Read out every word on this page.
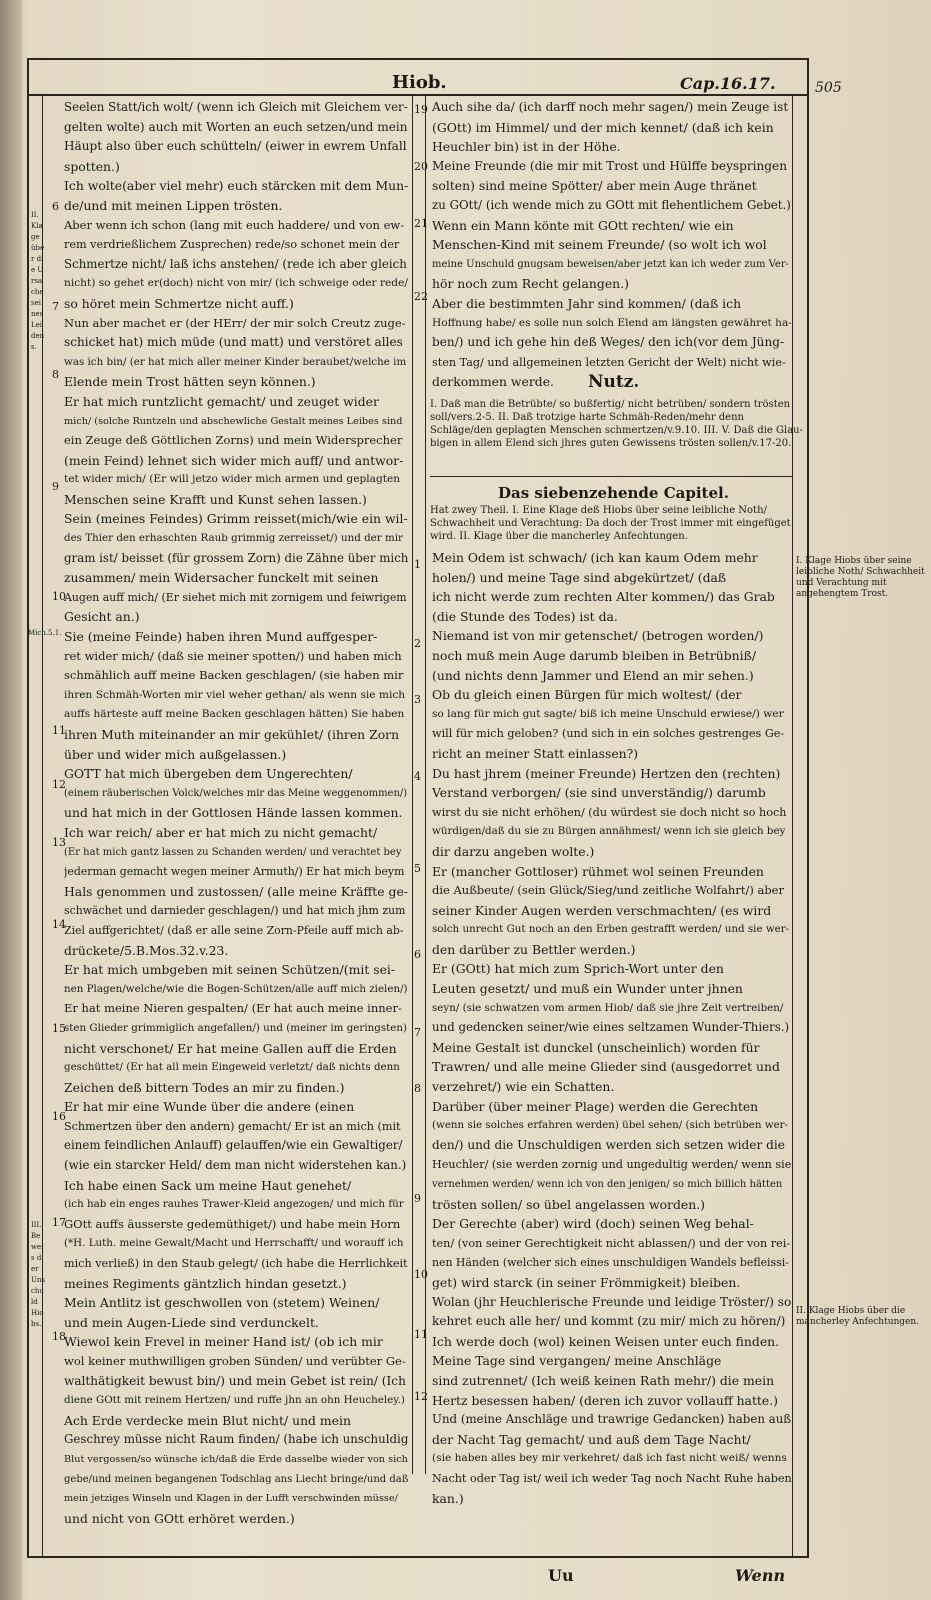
Hiob.	Cap.16.17.	505
Seelen Statt/ich wolt/ (wenn ich Gleich mit Gleichem ver-
gelten wolte) auch mit Worten an euch setzen/und mein
Häupt also über euch schütteln/ (eiwer in ewrem Unfall
spotten.)
Ich wolte(aber viel mehr) euch stärcken mit dem Mun-
de/und mit meinen Lippen trösten.
Aber wenn ich schon (lang mit euch haddere/ und von ew-
rem verdrießlichem Zusprechen) rede/so schonet mein der
Schmertze nicht/ laß ichs anstehen/ (rede ich aber gleich
nicht) so gehet er(doch) nicht von mir/ (ich schweige oder rede/
so höret mein Schmertze nicht auff.)
Nun aber machet er (der HErr/ der mir solch Creutz zuge-
schicket hat) mich müde (und matt) und verstöret alles
was ich bin/ (er hat mich aller meiner Kinder beraubet/welche im
Elende mein Trost hätten seyn können.)
Er hat mich runtzlicht gemacht/ und zeuget wider
mich/ (solche Runtzeln und abschewliche Gestalt meines Leibes sind
ein Zeuge deß Göttlichen Zorns) und mein Widersprecher
(mein Feind) lehnet sich wider mich auff/ und antwor-
tet wider mich/ (Er will jetzo wider mich armen und geplagten
Menschen seine Krafft und Kunst sehen lassen.)
Sein (meines Feindes) Grimm reisset(mich/wie ein wil-
des Thier den erhaschten Raub grimmig zerreisset/) und der mir
gram ist/ beisset (für grossem Zorn) die Zähne über mich
zusammen/ mein Widersacher funckelt mit seinen
Augen auff mich/ (Er siehet mich mit zornigem und feiwrigem
Gesicht an.)
Sie (meine Feinde) haben ihren Mund auffgesper-
ret wider mich/ (daß sie meiner spotten/) und haben mich
schmählich auff meine Backen geschlagen/ (sie haben mir
ihren Schmäh-Worten mir viel weher gethan/ als wenn sie mich
auffs härteste auff meine Backen geschlagen hätten) Sie haben
ihren Muth miteinander an mir gekühlet/ (ihren Zorn
über und wider mich außgelassen.)
GOTT hat mich übergeben dem Ungerechten/
(einem räuberischen Volck/welches mir das Meine weggenommen/)
und hat mich in der Gottlosen Hände lassen kommen.
Ich war reich/ aber er hat mich zu nicht gemacht/
(Er hat mich gantz lassen zu Schanden werden/ und verachtet bey
jederman gemacht wegen meiner Armuth/) Er hat mich beym
Hals genommen und zustossen/ (alle meine Kräffte ge-
schwächet und darnieder geschlagen/) und hat mich jhm zum
Ziel auffgerichtet/ (daß er alle seine Zorn-Pfeile auff mich ab-
drückete/5.B.Mos.32.v.23.
Er hat mich umbgeben mit seinen Schützen/(mit sei-
nen Plagen/welche/wie die Bogen-Schützen/alle auff mich zielen/)
Er hat meine Nieren gespalten/ (Er hat auch meine inner-
sten Glieder grimmiglich angefallen/) und (meiner im geringsten)
nicht verschonet/ Er hat meine Gallen auff die Erden
geschüttet/ (Er hat all mein Eingeweid verletzt/ daß nichts denn
Zeichen deß bittern Todes an mir zu finden.)
Er hat mir eine Wunde über die andere (einen
Schmertzen über den andern) gemacht/ Er ist an mich (mit
einem feindlichen Anlauff) gelauffen/wie ein Gewaltiger/
(wie ein starcker Held/ dem man nicht widerstehen kan.)
Ich habe einen Sack um meine Haut genehet/
(ich hab ein enges rauhes Trawer-Kleid angezogen/ und mich für
GOtt auffs äusserste gedemüthiget/) und habe mein Horn
(*H. Luth. meine Gewalt/Macht und Herrschafft/ und worauff ich
mich verließ) in den Staub gelegt/ (ich habe die Herrlichkeit
meines Regiments gäntzlich hindan gesetzt.)
Mein Antlitz ist geschwollen von (stetem) Weinen/
und mein Augen-Liede sind verdunckelt.
Wiewol kein Frevel in meiner Hand ist/ (ob ich mir
wol keiner muthwilligen groben Sünden/ und verübter Ge-
walthätigkeit bewust bin/) und mein Gebet ist rein/ (Ich
diene GOtt mit reinem Hertzen/ und ruffe jhn an ohn Heucheley.)
Ach Erde verdecke mein Blut nicht/ und mein
Geschrey müsse nicht Raum finden/ (habe ich unschuldig
Blut vergossen/so wünsche ich/daß die Erde dasselbe wieder von sich
gebe/und meinen begangenen Todschlag ans Liecht bringe/und daß
mein jetziges Winseln und Klagen in der Lufft verschwinden müsse/
und nicht von GOtt erhöret werden.)
6
7
8
9
10
11
12
13
14
15
16
17
18
II. Klage über die Ursache seines Leidens.
Mich.5.1.
III. Beweis der Unschuld Hiobs.
Auch sihe da/ (ich darff noch mehr sagen/) mein Zeuge ist
(GOtt) im Himmel/ und der mich kennet/ (daß ich kein
Heuchler bin) ist in der Höhe.
Meine Freunde (die mir mit Trost und Hülffe beyspringen
solten) sind meine Spötter/ aber mein Auge thränet
zu GOtt/ (ich wende mich zu GOtt mit flehentlichem Gebet.)
Wenn ein Mann könte mit GOtt rechten/ wie ein
Menschen-Kind mit seinem Freunde/ (so wolt ich wol
meine Unschuld gnugsam beweisen/aber jetzt kan ich weder zum Ver-
hör noch zum Recht gelangen.)
Aber die bestimmten Jahr sind kommen/ (daß ich
Hoffnung habe/ es solle nun solch Elend am längsten gewähret ha-
ben/) und ich gehe hin deß Weges/ den ich(vor dem Jüng-
sten Tag/ und allgemeinen letzten Gericht der Welt) nicht wie-
derkommen werde.
19
20
21
22
Nutz.
I. Daß man die Betrübte/ so bußfertig/ nicht betrüben/ sondern trösten
soll/vers.2-5. II. Daß trotzige harte Schmäh-Reden/mehr denn
Schläge/den geplagten Menschen schmertzen/v.9.10. III. V. Daß die Glau-
bigen in allem Elend sich jhres guten Gewissens trösten sollen/v.17-20.
Das siebenzehende Capitel.
Hat zwey Theil. I. Eine Klage deß Hiobs über seine leibliche Noth/
Schwachheit und Verachtung: Da doch der Trost immer mit eingefüget
wird. II. Klage über die mancherley Anfechtungen.
Mein Odem ist schwach/ (ich kan kaum Odem mehr
holen/) und meine Tage sind abgekürtzet/ (daß
ich nicht werde zum rechten Alter kommen/) das Grab
(die Stunde des Todes) ist da.
Niemand ist von mir getenschet/ (betrogen worden/)
noch muß mein Auge darumb bleiben in Betrübniß/
(und nichts denn Jammer und Elend an mir sehen.)
Ob du gleich einen Bürgen für mich woltest/ (der
so lang für mich gut sagte/ biß ich meine Unschuld erwiese/) wer
will für mich geloben? (und sich in ein solches gestrenges Ge-
richt an meiner Statt einlassen?)
Du hast jhrem (meiner Freunde) Hertzen den (rechten)
Verstand verborgen/ (sie sind unverständig/) darumb
wirst du sie nicht erhöhen/ (du würdest sie doch nicht so hoch
würdigen/daß du sie zu Bürgen annähmest/ wenn ich sie gleich bey
dir darzu angeben wolte.)
Er (mancher Gottloser) rühmet wol seinen Freunden
die Außbeute/ (sein Glück/Sieg/und zeitliche Wolfahrt/) aber
seiner Kinder Augen werden verschmachten/ (es wird
solch unrecht Gut noch an den Erben gestrafft werden/ und sie wer-
den darüber zu Bettler werden.)
Er (GOtt) hat mich zum Sprich-Wort unter den
Leuten gesetzt/ und muß ein Wunder unter jhnen
seyn/ (sie schwatzen vom armen Hiob/ daß sie jhre Zeit vertreiben/
und gedencken seiner/wie eines seltzamen Wunder-Thiers.)
Meine Gestalt ist dunckel (unscheinlich) worden für
Trawren/ und alle meine Glieder sind (ausgedorret und
verzehret/) wie ein Schatten.
Darüber (über meiner Plage) werden die Gerechten
(wenn sie solches erfahren werden) übel sehen/ (sich betrüben wer-
den/) und die Unschuldigen werden sich setzen wider die
Heuchler/ (sie werden zornig und ungedultig werden/ wenn sie
vernehmen werden/ wenn ich von den jenigen/ so mich billich hätten
trösten sollen/ so übel angelassen worden.)
Der Gerechte (aber) wird (doch) seinen Weg behal-
ten/ (von seiner Gerechtigkeit nicht ablassen/) und der von rei-
nen Händen (welcher sich eines unschuldigen Wandels befleissi-
get) wird starck (in seiner Frömmigkeit) bleiben.
Wolan (jhr Heuchlerische Freunde und leidige Tröster/) so
kehret euch alle her/ und kommt (zu mir/ mich zu hören/)
Ich werde doch (wol) keinen Weisen unter euch finden.
Meine Tage sind vergangen/ meine Anschläge
sind zutrennet/ (Ich weiß keinen Rath mehr/) die mein
Hertz besessen haben/ (deren ich zuvor vollauff hatte.)
Und (meine Anschläge und trawrige Gedancken) haben auß
der Nacht Tag gemacht/ und auß dem Tage Nacht/
(sie haben alles bey mir verkehret/ daß ich fast nicht weiß/ wenns
Nacht oder Tag ist/ weil ich weder Tag noch Nacht Ruhe haben
kan.)
1
2
3
4
5
6
7
8
9
10
11
12
I. Klage Hiobs über seine leibliche Noth/ Schwachheit und Verachtung mit angehengtem Trost.
II. Klage Hiobs über die mancherley Anfechtungen.
Uu	Wenn
